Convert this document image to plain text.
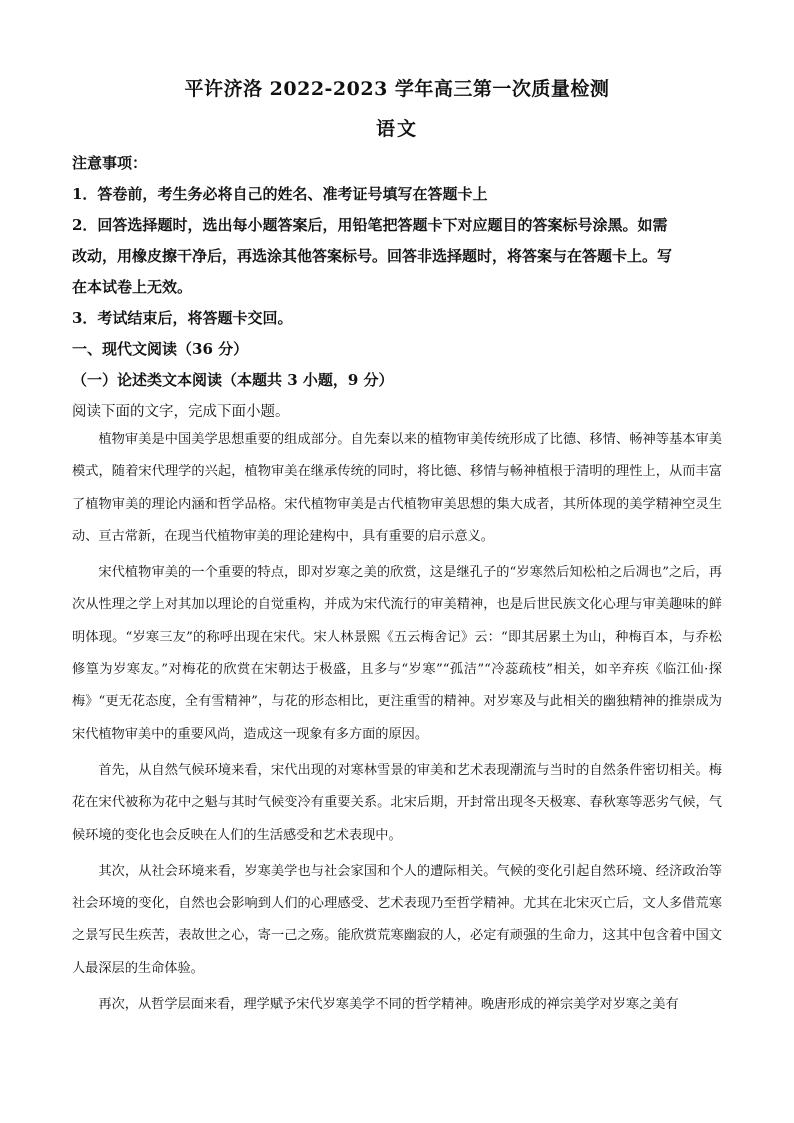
平许济洛 2022-2023 学年高三第一次质量检测
语文
注意事项：
1．答卷前，考生务必将自己的姓名、准考证号填写在答题卡上
2．回答选择题时，选出每小题答案后，用铅笔把答题卡下对应题目的答案标号涂黑。如需
改动，用橡皮擦干净后，再选涂其他答案标号。回答非选择题时，将答案与在答题卡上。写
在本试卷上无效。
3．考试结束后，将答题卡交回。
一、现代文阅读（36 分）
（一）论述类文本阅读（本题共 3 小题，9 分）
阅读下面的文字，完成下面小题。

植物审美是中国美学思想重要的组成部分。自先秦以来的植物审美传统形成了比德、移情、畅神等基本审美模式，随着宋代理学的兴起，植物审美在继承传统的同时，将比德、移情与畅神植根于清明的理性上，从而丰富了植物审美的理论内涵和哲学品格。宋代植物审美是古代植物审美思想的集大成者，其所体现的美学精神空灵生动、亘古常新，在现当代植物审美的理论建构中，具有重要的启示意义。

宋代植物审美的一个重要的特点，即对岁寒之美的欣赏，这是继孔子的“岁寒然后知松柏之后凋也”之后，再次从性理之学上对其加以理论的自觉重构，并成为宋代流行的审美精神，也是后世民族文化心理与审美趣味的鲜明体现。“岁寒三友”的称呼出现在宋代。宋人林景熙《五云梅舍记》云：“即其居累土为山，种梅百本，与乔松修篁为岁寒友。”对梅花的欣赏在宋朝达于极盛，且多与“岁寒”“孤洁”“冷蕊疏枝”相关，如辛弃疾《临江仙·探梅》“更无花态度，全有雪精神”，与花的形态相比，更注重雪的精神。对岁寒及与此相关的幽独精神的推崇成为宋代植物审美中的重要风尚，造成这一现象有多方面的原因。

首先，从自然气候环境来看，宋代出现的对寒林雪景的审美和艺术表现潮流与当时的自然条件密切相关。梅花在宋代被称为花中之魁与其时气候变冷有重要关系。北宋后期，开封常出现冬天极寒、春秋寒等恶劣气候，气候环境的变化也会反映在人们的生活感受和艺术表现中。

其次，从社会环境来看，岁寒美学也与社会家国和个人的遭际相关。气候的变化引起自然环境、经济政治等社会环境的变化，自然也会影响到人们的心理感受、艺术表现乃至哲学精神。尤其在北宋灭亡后，文人多借荒寒之景写民生疾苦，表故世之心，寄一己之殇。能欣赏荒寒幽寂的人，必定有顽强的生命力，这其中包含着中国文人最深层的生命体验。

再次，从哲学层面来看，理学赋予宋代岁寒美学不同的哲学精神。晚唐形成的禅宗美学对岁寒之美有
